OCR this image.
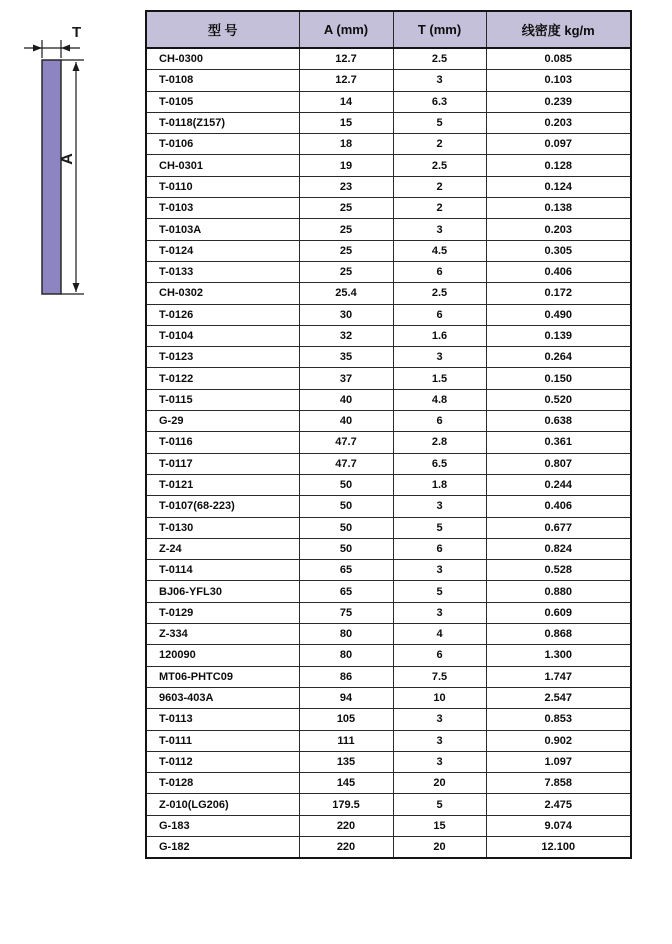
T
A
型 号	A (mm)	T (mm)	线密度 kg/m
CH-0300	12.7	2.5	0.085
T-0108	12.7	3	0.103
T-0105	14	6.3	0.239
T-0118(Z157)	15	5	0.203
T-0106	18	2	0.097
CH-0301	19	2.5	0.128
T-0110	23	2	0.124
T-0103	25	2	0.138
T-0103A	25	3	0.203
T-0124	25	4.5	0.305
T-0133	25	6	0.406
CH-0302	25.4	2.5	0.172
T-0126	30	6	0.490
T-0104	32	1.6	0.139
T-0123	35	3	0.264
T-0122	37	1.5	0.150
T-0115	40	4.8	0.520
G-29	40	6	0.638
T-0116	47.7	2.8	0.361
T-0117	47.7	6.5	0.807
T-0121	50	1.8	0.244
T-0107(68-223)	50	3	0.406
T-0130	50	5	0.677
Z-24	50	6	0.824
T-0114	65	3	0.528
BJ06-YFL30	65	5	0.880
T-0129	75	3	0.609
Z-334	80	4	0.868
120090	80	6	1.300
MT06-PHTC09	86	7.5	1.747
9603-403A	94	10	2.547
T-0113	105	3	0.853
T-0111	111	3	0.902
T-0112	135	3	1.097
T-0128	145	20	7.858
Z-010(LG206)	179.5	5	2.475
G-183	220	15	9.074
G-182	220	20	12.100
